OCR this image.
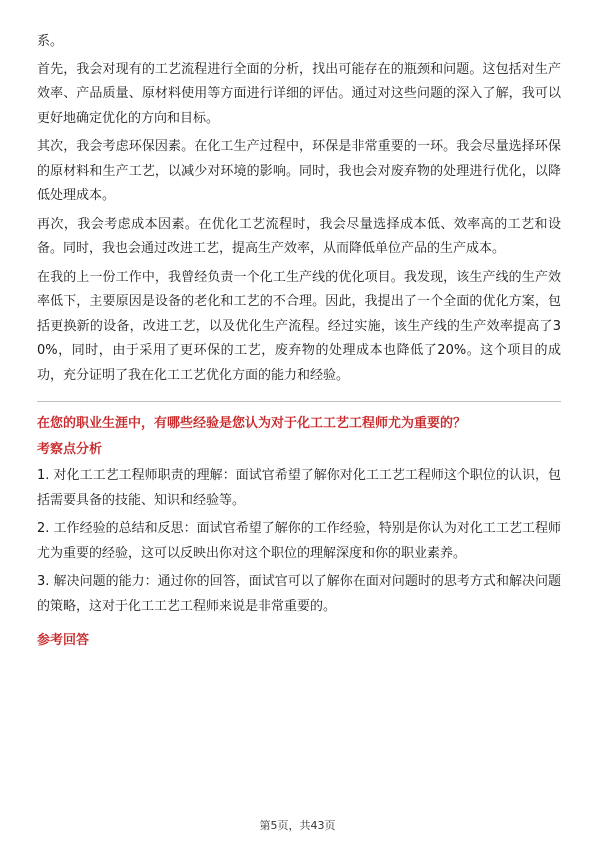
系。

首先，我会对现有的工艺流程进行全面的分析，找出可能存在的瓶颈和问题。这包括对生产效率、产品质量、原材料使用等方面进行详细的评估。通过对这些问题的深入了解，我可以更好地确定优化的方向和目标。

其次，我会考虑环保因素。在化工生产过程中，环保是非常重要的一环。我会尽量选择环保的原材料和生产工艺，以减少对环境的影响。同时，我也会对废弃物的处理进行优化，以降低处理成本。

再次，我会考虑成本因素。在优化工艺流程时，我会尽量选择成本低、效率高的工艺和设备。同时，我也会通过改进工艺，提高生产效率，从而降低单位产品的生产成本。

在我的上一份工作中，我曾经负责一个化工生产线的优化项目。我发现，该生产线的生产效率低下，主要原因是设备的老化和工艺的不合理。因此，我提出了一个全面的优化方案，包括更换新的设备，改进工艺，以及优化生产流程。经过实施，该生产线的生产效率提高了30%，同时，由于采用了更环保的工艺，废弃物的处理成本也降低了20%。这个项目的成功，充分证明了我在化工工艺优化方面的能力和经验。

在您的职业生涯中，有哪些经验是您认为对于化工工艺工程师尤为重要的？
考察点分析

1. 对化工工艺工程师职责的理解：面试官希望了解你对化工工艺工程师这个职位的认识，包括需要具备的技能、知识和经验等。

2. 工作经验的总结和反思：面试官希望了解你的工作经验，特别是你认为对化工工艺工程师尤为重要的经验，这可以反映出你对这个职位的理解深度和你的职业素养。

3. 解决问题的能力：通过你的回答，面试官可以了解你在面对问题时的思考方式和解决问题的策略，这对于化工工艺工程师来说是非常重要的。

参考回答
第5页，共43页
